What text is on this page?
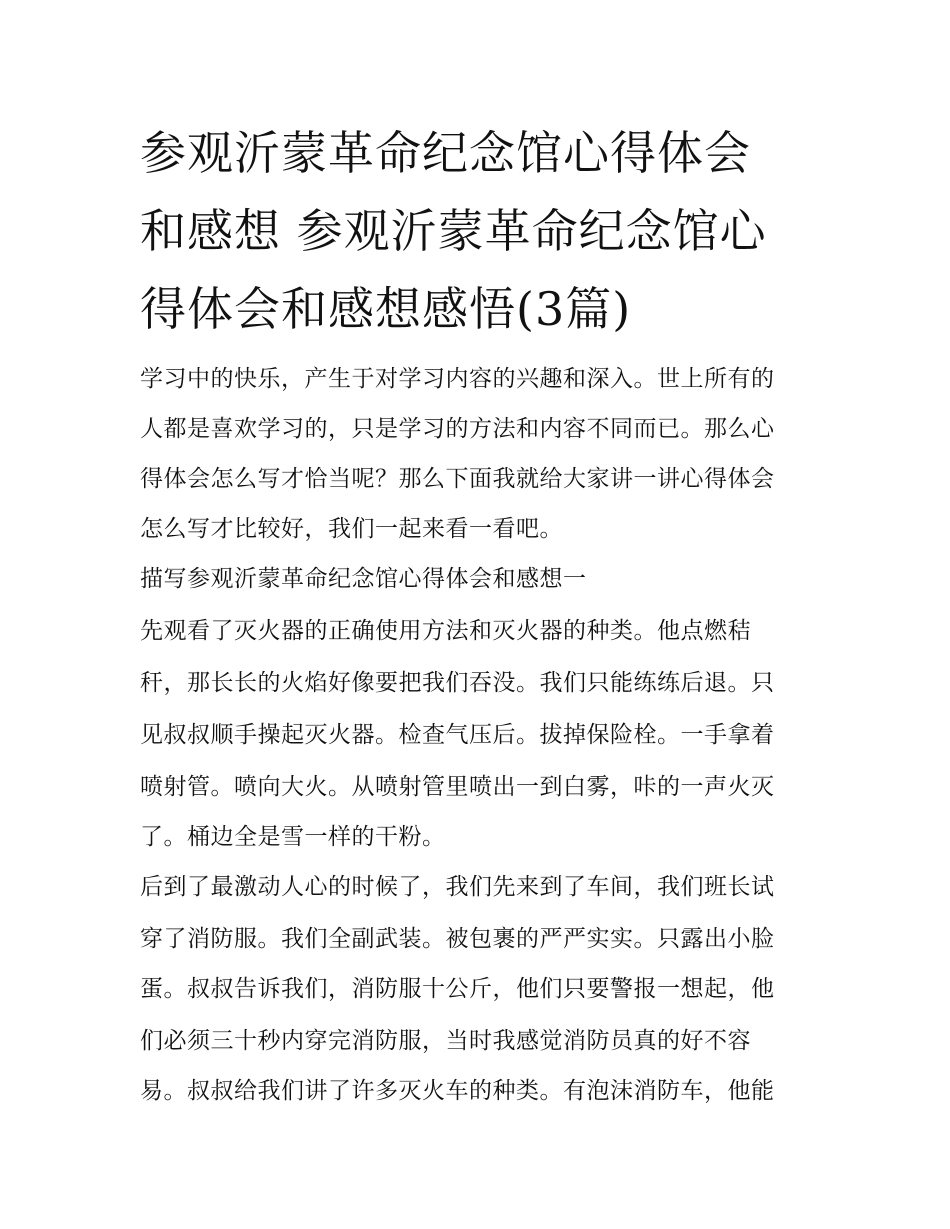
参观沂蒙革命纪念馆心得体会
和感想 参观沂蒙革命纪念馆心
得体会和感想感悟(3篇)
学习中的快乐，产生于对学习内容的兴趣和深入。世上所有的
人都是喜欢学习的，只是学习的方法和内容不同而已。那么心
得体会怎么写才恰当呢？那么下面我就给大家讲一讲心得体会
怎么写才比较好，我们一起来看一看吧。
描写参观沂蒙革命纪念馆心得体会和感想一
先观看了灭火器的正确使用方法和灭火器的种类。他点燃秸
秆，那长长的火焰好像要把我们吞没。我们只能练练后退。只
见叔叔顺手操起灭火器。检查气压后。拔掉保险栓。一手拿着
喷射管。喷向大火。从喷射管里喷出一到白雾，咔的一声火灭
了。桶边全是雪一样的干粉。
后到了最激动人心的时候了，我们先来到了车间，我们班长试
穿了消防服。我们全副武装。被包裹的严严实实。只露出小脸
蛋。叔叔告诉我们，消防服十公斤，他们只要警报一想起，他
们必须三十秒内穿完消防服，当时我感觉消防员真的好不容
易。叔叔给我们讲了许多灭火车的种类。有泡沫消防车，他能
